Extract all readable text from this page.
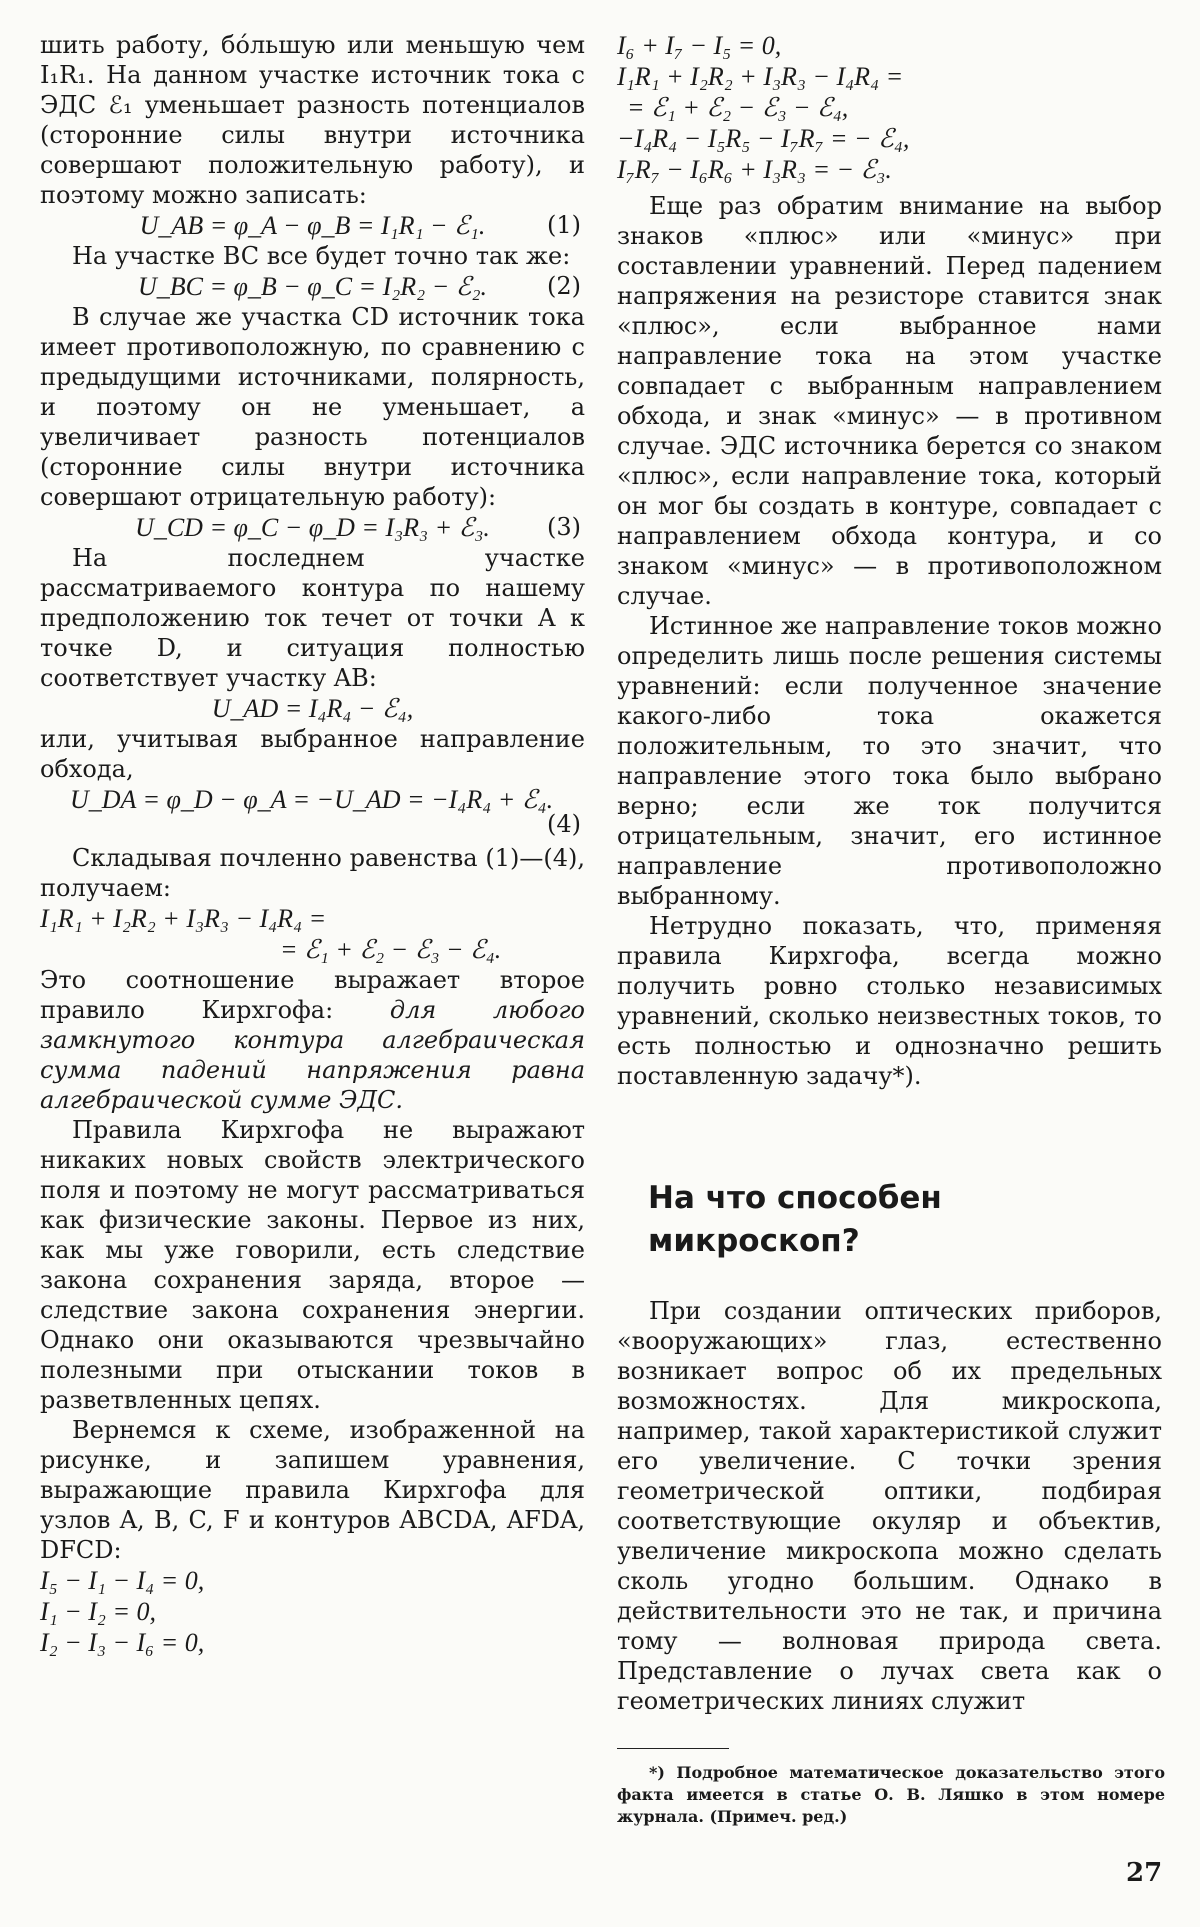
шить работу, бо́льшую или меньшую чем I₁R₁. На данном участке источник тока с ЭДС ℰ₁ уменьшает разность потенциалов (сторонние силы внутри источника совершают положительную работу), и поэтому можно записать:

U_AB = φ_A − φ_B = I₁R₁ − ℰ₁.	(1)

На участке BC все будет точно так же:

U_BC = φ_B − φ_C = I₂R₂ − ℰ₂. (2)

В случае же участка CD источник тока имеет противоположную, по сравнению с предыдущими источниками, полярность, и поэтому он не уменьшает, а увеличивает разность потенциалов (сторонние силы внутри источника совершают отрицательную работу):

U_CD = φ_C − φ_D = I₃R₃ + ℰ₃. (3)

На последнем участке рассматриваемого контура по нашему предположению ток течет от точки A к точке D, и ситуация полностью соответствует участку AB:

U_AD = I₄R₄ − ℰ₄,

или, учитывая выбранное направление обхода,

U_DA = φ_D − φ_A = −U_AD = −I₄R₄ + ℰ₄.
(4)

Складывая почленно равенства (1)—(4), получаем:

I₁R₁ + I₂R₂ + I₃R₃ − I₄R₄ =
= ℰ₁ + ℰ₂ − ℰ₃ − ℰ₄.

Это соотношение выражает второе правило Кирхгофа: для любого замкнутого контура алгебраическая сумма падений напряжения равна алгебраической сумме ЭДС.

Правила Кирхгофа не выражают никаких новых свойств электрического поля и поэтому не могут рассматриваться как физические законы. Первое из них, как мы уже говорили, есть следствие закона сохранения заряда, второе — следствие закона сохранения энергии. Однако они оказываются чрезвычайно полезными при отыскании токов в разветвленных цепях.

Вернемся к схеме, изображенной на рисунке, и запишем уравнения, выражающие правила Кирхгофа для узлов A, B, C, F и контуров ABCDA, AFDA, DFCD:

I₅ − I₁ − I₄ = 0,
I₁ − I₂ = 0,
I₂ − I₃ − I₆ = 0,
I₆ + I₇ − I₅ = 0,
I₁R₁ + I₂R₂ + I₃R₃ − I₄R₄ =
= ℰ₁ + ℰ₂ − ℰ₃ − ℰ₄,
−I₄R₄ − I₅R₅ − I₇R₇ = − ℰ₄,
I₇R₇ − I₆R₆ + I₃R₃ = − ℰ₃.

Еще раз обратим внимание на выбор знаков «плюс» или «минус» при составлении уравнений. Перед падением напряжения на резисторе ставится знак «плюс», если выбранное нами направление тока на этом участке совпадает с выбранным направлением обхода, и знак «минус» — в противном случае. ЭДС источника берется со знаком «плюс», если направление тока, который он мог бы создать в контуре, совпадает с направлением обхода контура, и со знаком «минус» — в противоположном случае.

Истинное же направление токов можно определить лишь после решения системы уравнений: если полученное значение какого-либо тока окажется положительным, то это значит, что направление этого тока было выбрано верно; если же ток получится отрицательным, значит, его истинное направление противоположно выбранному.

Нетрудно показать, что, применяя правила Кирхгофа, всегда можно получить ровно столько независимых уравнений, сколько неизвестных токов, то есть полностью и однозначно решить поставленную задачу*).

На что способен микроскоп?

При создании оптических приборов, «вооружающих» глаз, естественно возникает вопрос об их предельных возможностях. Для микроскопа, например, такой характеристикой служит его увеличение. С точки зрения геометрической оптики, подбирая соответствующие окуляр и объектив, увеличение микроскопа можно сделать сколь угодно большим. Однако в действительности это не так, и причина тому — волновая природа света. Представление о лучах света как о геометрических линиях служит

*) Подробное математическое доказательство этого факта имеется в статье О. В. Ляшко в этом номере журнала. (Примеч. ред.)

27
